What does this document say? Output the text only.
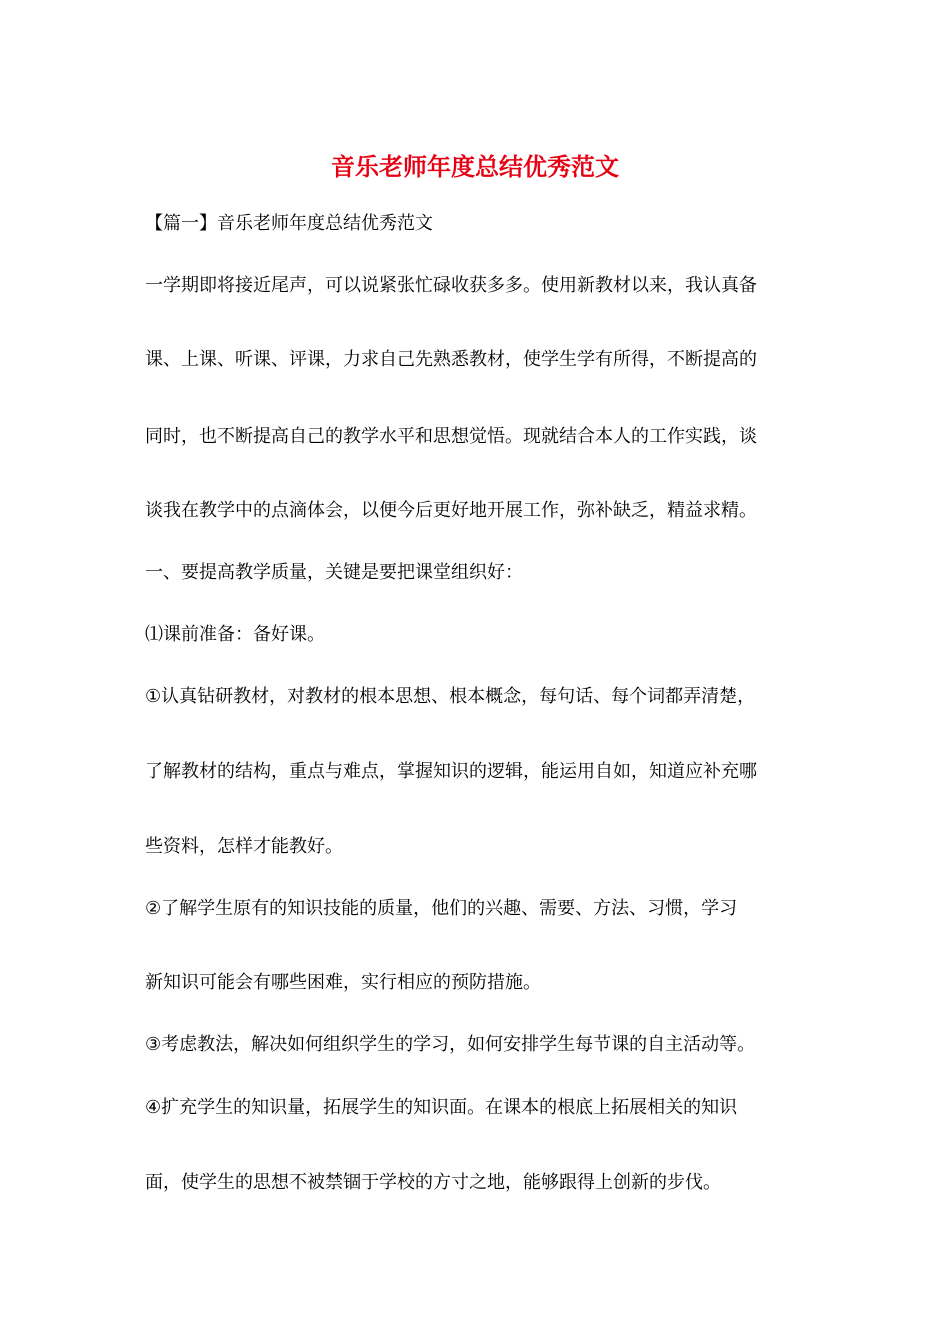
音乐老师年度总结优秀范文
【篇一】音乐老师年度总结优秀范文
一学期即将接近尾声，可以说紧张忙碌收获多多。使用新教材以来，我认真备
课、上课、听课、评课，力求自己先熟悉教材，使学生学有所得，不断提高的
同时，也不断提高自己的教学水平和思想觉悟。现就结合本人的工作实践，谈
谈我在教学中的点滴体会，以便今后更好地开展工作，弥补缺乏，精益求精。
一、要提高教学质量，关键是要把课堂组织好：
⑴课前准备：备好课。
①认真钻研教材，对教材的根本思想、根本概念，每句话、每个词都弄清楚，
了解教材的结构，重点与难点，掌握知识的逻辑，能运用自如，知道应补充哪
些资料，怎样才能教好。
②了解学生原有的知识技能的质量，他们的兴趣、需要、方法、习惯，学习
新知识可能会有哪些困难，实行相应的预防措施。
③考虑教法，解决如何组织学生的学习，如何安排学生每节课的自主活动等。
④扩充学生的知识量，拓展学生的知识面。在课本的根底上拓展相关的知识
面，使学生的思想不被禁锢于学校的方寸之地，能够跟得上创新的步伐。
